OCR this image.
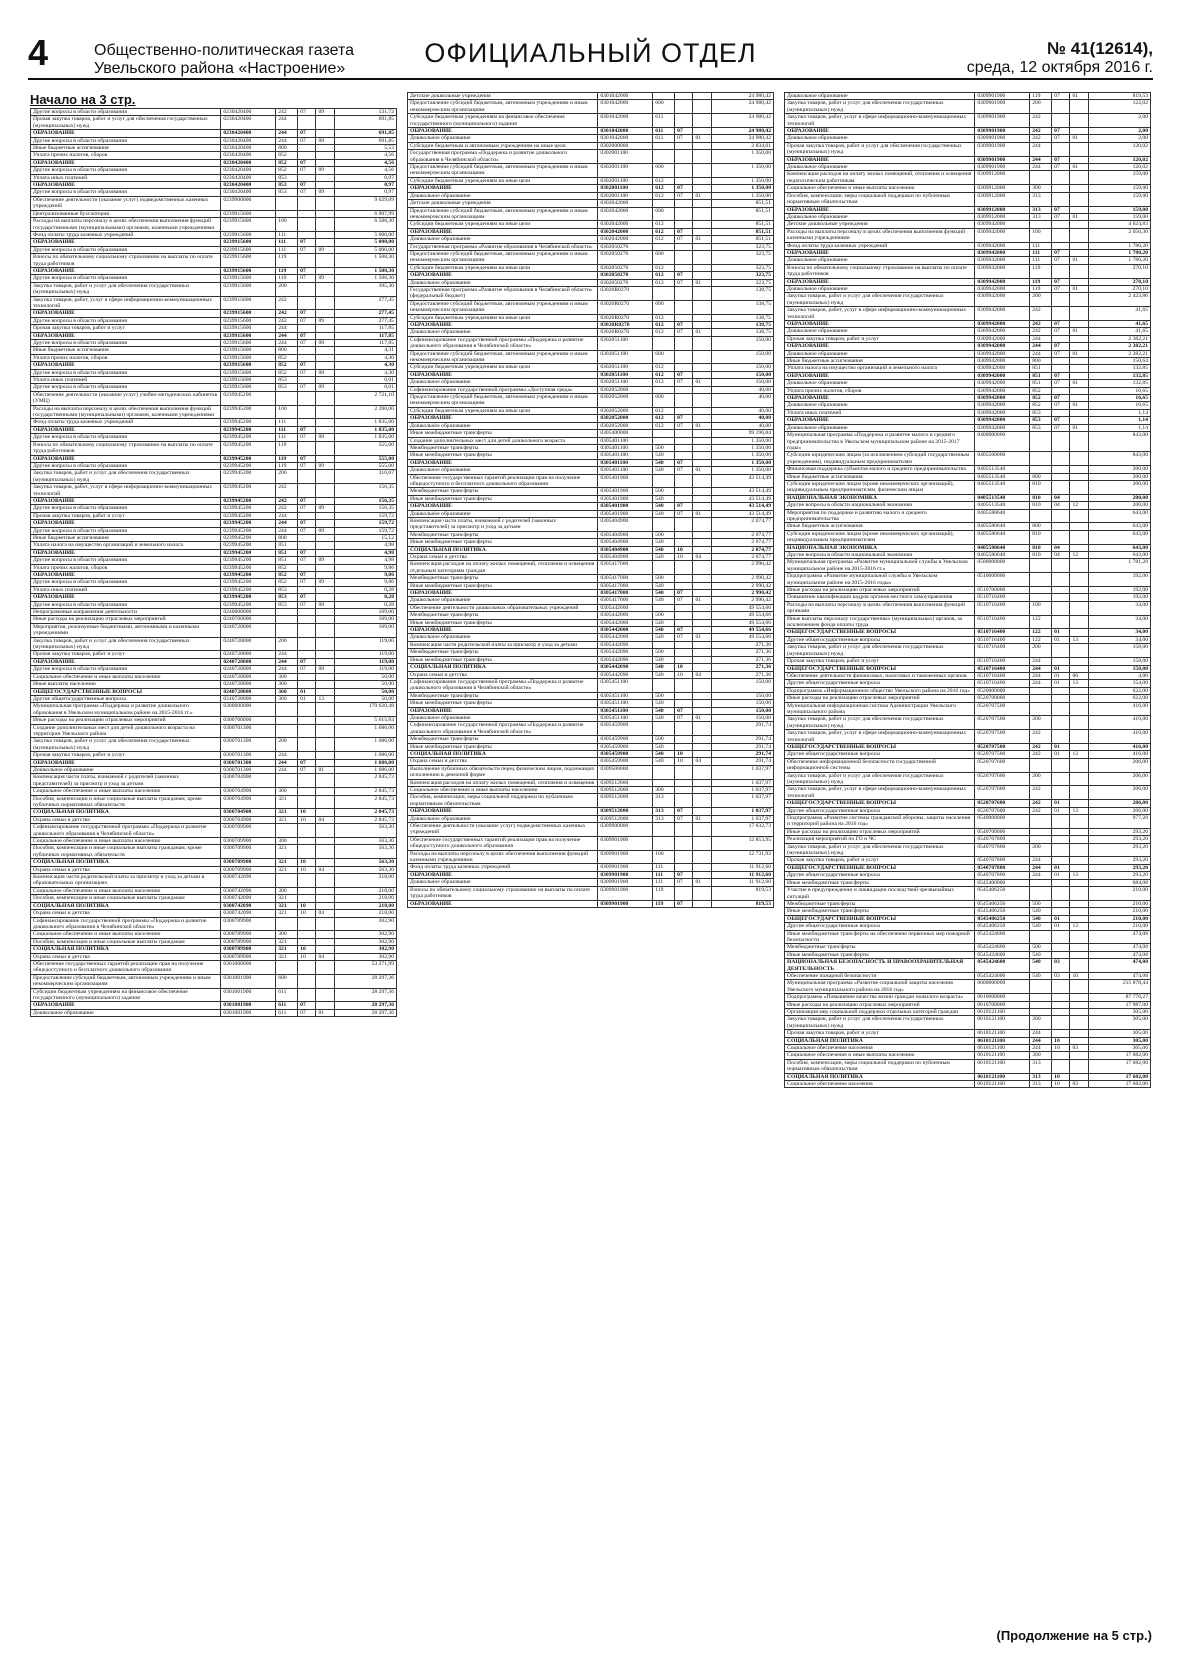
4	Общественно-политическая газета
Увельского района «Настроение»
ОФИЦИАЛЬНЫЙ ОТДЕЛ	№ 41(12614),
среда, 12 октября 2016 г.
Начало на 3 стр.
Другие вопросы в области образования	0230420400	242	07	09	131,72
Прочая закупка товаров, работ и услуг для обеспечения государственных (муниципальных) нужд	0230420400	244			691,85
ОБРАЗОВАНИЕ	0230420400	244	07		691,85
Другие вопросы в области образования	0230420400	244	07	09	691,85
Иные бюджетные ассигнования	0230420400	800			5,53
Уплата прочих налогов, сборов	0230420400	852			4,56
ОБРАЗОВАНИЕ	0230420400	852	07		4,56
Другие вопросы в области образования	0230420400	852	07	09	4,56
Уплата иных платежей	0230420400	853			0,97
ОБРАЗОВАНИЕ	0230420400	853	07		0,97
Другие вопросы в области образования	0230420400	853	07	09	0,97
Обеспечение деятельности (оказание услуг) подведомственных казенных учреждений	0239900000				9 629,09
Централизованные бухгалтерии	0239915600				6 907,99
Расходы на выплаты персоналу в целях обеспечения выполнения функций государственными (муниципальными) органами, казенными учреждениями	0239915600	100			6 508,30
Фонд оплаты труда казенных учреждений	0239915600	111			5 000,00
ОБРАЗОВАНИЕ	0239915600	111	07		5 000,00
Другие вопросы в области образования	0239915600	111	07	09	5 000,00
Взносы по обязательному социальному страхованию на выплаты по оплате труда работников	0239915600	119			1 508,30
ОБРАЗОВАНИЕ	0239915600	119	07		1 508,30
Другие вопросы в области образования	0239915600	119	07	09	1 508,30
Закупка товаров, работ и услуг для обеспечения государственных (муниципальных) нужд	0239915600	200			395,30
Закупка товаров, работ, услуг в сфере информационно-коммуникационных технологий	0239915600	242			277,45
ОБРАЗОВАНИЕ	0239915600	242	07		277,45
Другие вопросы в области образования	0239915600	242	07	09	277,45
Прочая закупка товаров, работ и услуг	0239915600	244			117,85
ОБРАЗОВАНИЕ	0239915600	244	07		117,85
Другие вопросы в области образования	0239915600	244	07	09	117,85
Иные бюджетные ассигнования	0239915600	800			4,31
Уплата прочих налогов, сборов	0239915600	852			4,30
ОБРАЗОВАНИЕ	0239915600	852	07		4,30
Другие вопросы в области образования	0239915600	852	07	09	4,30
Уплата иных платежей	0239915600	853			0,01
Другие вопросы в области образования	0239915600	853	07	09	0,01
Обеспечение деятельности (оказание услуг) учебно-методических кабинетов (УМЦ)	0239945200				2 721,10
Расходы на выплаты персоналу в целях обеспечения выполнения функций государственными (муниципальными) органами, казенными учреждениями	0239945200	100			2 390,00
Фонд оплаты труда казенных учреждений	0239945200	111			1 835,00
ОБРАЗОВАНИЕ	0239945200	111	07		1 835,00
Другие вопросы в области образования	0239945200	111	07	09	1 835,00
Взносы по обязательному социальному страхованию на выплаты по оплате труда работников	0239945200	119			555,00
ОБРАЗОВАНИЕ	0239945200	119	07		555,00
Другие вопросы в области образования	0239945200	119	07	09	555,00
Закупка товаров, работ и услуг для обеспечения государственных (муниципальных) нужд	0239945200	200			316,07
Закупка товаров, работ, услуг в сфере информационно-коммуникационных технологий	0239945200	242			156,35
ОБРАЗОВАНИЕ	0239945200	242	07		156,35
Другие вопросы в области образования	0239945200	242	07	09	156,35
Прочая закупка товаров, работ и услуг	0239945200	244			159,72
ОБРАЗОВАНИЕ	0239945200	244	07		159,72
Другие вопросы в области образования	0239945200	244	07	09	159,72
Иные бюджетные ассигнования	0239945200	800			15,12
Уплата налога на имущество организаций и земельного налога	0239945200	851			4,98
ОБРАЗОВАНИЕ	0239945200	851	07		4,98
Другие вопросы в области образования	0239945200	851	07	09	4,98
Уплата прочих налогов, сборов	0239945200	852			9,86
ОБРАЗОВАНИЕ	0239945200	852	07		9,86
Другие вопросы в области образования	0239945200	852	07	09	9,86
Уплата иных платежей	0239945200	853			0,28
ОБРАЗОВАНИЕ	0239945200	853	07		0,28
Другие вопросы в области образования	0239945200	853	07	09	0,28
Непрограммные направления деятельности	0240000000				169,00
Иные расходы на реализацию отраслевых мероприятий	0240700000				169,00
Мероприятия, реализуемые бюджетными, автономными и казенными учреждениями	0240728000				169,00
Закупка товаров, работ и услуг для обеспечения государственных (муниципальных) нужд	0240728000	200			119,00
Прочая закупка товаров, работ и услуг	0240728000	244			119,00
ОБРАЗОВАНИЕ	0240728000	244	07		119,00
Другие вопросы в области образования	0240728000	244	07	09	119,00
Социальное обеспечение и иные выплаты населению	0240728000	300			50,00
Иные выплаты населению	0240728000	360			50,00
ОБЩЕГОСУДАРСТВЕННЫЕ ВОПРОСЫ	0240728000	360	01		50,00
Другие общегосударственные вопросы	0240728000	360	01	13	50,00
Муниципальная программа «Поддержка и развитие дошкольного образования в Увельском муниципальном районе на 2015-2016 гг.»	0300000000				179 620,48
Иные расходы на реализацию отраслевых мероприятий	0300700000				5 615,93
Создание дополнительных мест для детей дошкольного возраста на территории Увельского района	0300701300				1 686,00
Закупка товаров, работ и услуг для обеспечения государственных (муниципальных) нужд	0300701300	200			1 686,00
Прочая закупка товаров, работ и услуг	0300701300	244			1 686,00
ОБРАЗОВАНИЕ	0300701300	244	07		1 686,00
Дошкольное образование	0300701300	244	07	01	1 686,00
Компенсация части платы, взимаемой с родителей (законных представителей) за присмотр и уход за детьми	0300704900				2 845,73
Социальное обеспечение и иные выплаты населению	0300704900	300			2 845,73
Пособия, компенсации и иные социальные выплаты гражданам, кроме публичных нормативных обязательств	0300704900	321			2 845,73
СОЦИАЛЬНАЯ ПОЛИТИКА	0300704900	321	10		2 845,73
Охрана семьи и детства	0300704900	321	10	04	2 845,73
Софинансирование государственной программы «Поддержка и развитие дошкольного образования в Челябинской области»	0300709900				563,30
Социальное обеспечение и иные выплаты населению	0300709900	300			563,30
Пособия, компенсации и иные социальные выплаты гражданам, кроме публичных нормативных обязательств	0300709900	321			563,30
СОЦИАЛЬНАЯ ПОЛИТИКА	0300709900	321	10		563,30
Охрана семьи и детства	0300709900	321	10	04	563,30
Компенсация части родительской платы за присмотр и уход за детьми в образовательных организациях	0300742090				218,00
Социальное обеспечение и иные выплаты населению	0300742090	300			218,00
Пособия, компенсации и иные социальные выплаты гражданам	0300742090	321			218,00
СОЦИАЛЬНАЯ ПОЛИТИКА	0300742090	321	10		218,00
Охрана семьи и детства	0300742090	321	10	04	218,00
Софинансирование государственной программы «Поддержка и развитие дошкольного образования в Челябинской области»	0300789900				302,90
Социальное обеспечение и иные выплаты населению	0300789900	300			302,90
Пособия, компенсации и иные социальные выплаты гражданам	0300789900	321			302,90
СОЦИАЛЬНАЯ ПОЛИТИКА	0300789900	321	10		302,90
Охрана семьи и детства	0300789900	321	10	04	302,90
Обеспечение государственных гарантий реализации прав на получение общедоступного и бесплатного дошкольного образования	0301000000				53 271,99
Предоставление субсидий бюджетным, автономным учреждениям и иным некоммерческим организациям	0301001900	600			28 297,36
Субсидии бюджетным учреждениям на финансовое обеспечение государственного (муниципального) задания	0301001900	611			28 297,36
ОБРАЗОВАНИЕ	0301001900	611	07		28 297,36
Дошкольное образование	0301001900	611	07	01	28 297,36
Детские дошкольные учреждения	0301042000				24 980,42
Предоставление субсидий бюджетным, автономным учреждениям и иным некоммерческим организациям	0301042000	600			24 980,42
Субсидии бюджетным учреждениям на финансовое обеспечение государственного (муниципального) задания	0301042000	611			24 980,42
ОБРАЗОВАНИЕ	0301042000	611	07		24 980,42
Дошкольное образование	0301042000	611	07	01	24 980,42
Субсидии бюджетным и автономным учреждениям на иные цели	0302000000				2 834,01
Государственная программа «Поддержка и развитие дошкольного образования в Челябинской области»	0302001100				1 350,00
Предоставление субсидий бюджетным, автономным учреждениям и иным некоммерческим организациям	0302001100	600			1 350,00
Субсидии бюджетным учреждениям на иные цели	0302001100	612			1 350,00
ОБРАЗОВАНИЕ	0302001100	612	07		1 350,00
Дошкольное образование	0302001100	612	07	01	1 350,00
Детские дошкольные учреждения	0302042000				851,51
Предоставление субсидий бюджетным, автономным учреждениям и иным некоммерческим организациям	0302042000	600			851,51
Субсидии бюджетным учреждениям на иные цели	0302042000	612			851,51
ОБРАЗОВАНИЕ	0302042000	612	07		851,51
Дошкольное образование	0302042000	612	07	01	851,51
Государственная программа «Развитие образования в Челябинской области»	0302050270				323,75
Предоставление субсидий бюджетным, автономным учреждениям и иным некоммерческим организациям	0302050270	600			323,75
Субсидии бюджетным учреждениям на иные цели	0302050270	612			323,75
ОБРАЗОВАНИЕ	0302050270	612	07		323,75
Дошкольное образование	0302050270	612	07	01	323,75
Государственная программа «Развитие образования в Челябинской области» (федеральный бюджет)	03020R0270				138,75
Предоставление субсидий бюджетным, автономным учреждениям и иным некоммерческим организациям	03020R0270	600			138,75
Субсидии бюджетным учреждениям на иные цели	03020R0270	612			138,75
ОБРАЗОВАНИЕ	03020R0270	612	07		138,75
Дошкольное образование	03020R0270	612	07	01	138,75
Софинансирование государственной программы «Поддержка и развитие дошкольного образования в Челябинской области»	0302051100				150,00
Предоставление субсидий бюджетным, автономным учреждениям и иным некоммерческим организациям	0302051100	600			150,00
Субсидии бюджетным учреждениям на иные цели	0302051100	612			150,00
ОБРАЗОВАНИЕ	0302051100	612	07		150,00
Дошкольное образование	0302051100	612	07	01	150,00
Софинансирование государственной программы «Доступная среда»	0302052000				40,00
Предоставление субсидий бюджетным, автономным учреждениям и иным некоммерческим организациям	0302052000	600			40,00
Субсидии бюджетным учреждениям на иные цели	0302052000	612			40,00
ОБРАЗОВАНИЕ	0302052000	612	07		40,00
Дошкольное образование	0302052000	612	07	01	40,00
Иные межбюджетные трансферты	0305400000				99 196,84
Создание дополнительных мест для детей дошкольного возраста	0305401100				1 350,00
Межбюджетные трансферты	0305401100	500			1 350,00
Иные межбюджетные трансферты	0305401100	540			1 350,00
ОБРАЗОВАНИЕ	0305401100	540	07		1 350,00
Дошкольное образование	0305401100	540	07	01	1 350,00
Обеспечение государственных гарантий реализации прав на получение общедоступного и бесплатного дошкольного образования	0305401900				43 514,49
Межбюджетные трансферты	0305401900	500			43 514,49
Иные межбюджетные трансферты	0305401900	540			43 514,49
ОБРАЗОВАНИЕ	0305401900	540	07		43 514,49
Дошкольное образование	0305401900	540	07	01	43 514,49
Компенсация части платы, взимаемой с родителей (законных представителей) за присмотр и уход за детьми	0305404900				2 074,77
Межбюджетные трансферты	0305404900	500			2 074,77
Иные межбюджетные трансферты	0305404900	540			2 074,77
СОЦИАЛЬНАЯ ПОЛИТИКА	0305404900	540	10		2 074,77
Охрана семьи и детства	0305404900	540	10	04	2 074,77
Компенсация расходов на оплату жилых помещений, отопления и освещения отдельным категориям граждан	0305417000				2 990,42
Межбюджетные трансферты	0305417000	500			2 990,42
Иные межбюджетные трансферты	0305417000	540			2 990,42
ОБРАЗОВАНИЕ	0305417000	540	07		2 990,42
Дошкольное образование	0305417000	540	07	01	2 990,42
Обеспечение деятельности дошкольных образовательных учреждений	0305442000				49 554,66
Межбюджетные трансферты	0305442000	500			49 554,66
Иные межбюджетные трансферты	0305442000	540			49 554,66
ОБРАЗОВАНИЕ	0305442000	540	07		49 554,66
Дошкольное образование	0305442000	540	07	01	49 554,66
Компенсация части родительской платы за присмотр и уход за детьми	0305442090				271,36
Межбюджетные трансферты	0305442090	500			271,36
Иные межбюджетные трансферты	0305442090	540			271,36
СОЦИАЛЬНАЯ ПОЛИТИКА	0305442090	540	10		271,36
Охрана семьи и детства	0305442090	540	10	04	271,36
Софинансирование государственной программы «Поддержка и развитие дошкольного образования в Челябинской области»	0305451100				150,00
Межбюджетные трансферты	0305451100	500			150,00
Иные межбюджетные трансферты	0305451100	540			150,00
ОБРАЗОВАНИЕ	0305451100	540	07		150,00
Дошкольное образование	0305451100	540	07	01	150,00
Софинансирование государственной программы «Поддержка и развитие дошкольного образования в Челябинской области»	0305459900				291,74
Межбюджетные трансферты	0305459900	500			291,74
Иные межбюджетные трансферты	0305459900	540			291,74
СОЦИАЛЬНАЯ ПОЛИТИКА	0305459900	540	10		291,74
Охрана семьи и детства	0305459900	540	10	04	291,74
Выполнение публичных обязательств перед физическим лицом, подлежащих исполнению в денежной форме	0309500000				1 037,97
Компенсация расходов на оплату жилых помещений, отопления и освещения	0309512000				1 037,97
Социальное обеспечение и иные выплаты населению	0309512000	300			1 037,97
Пособия, компенсации, меры социальной поддержки по публичным нормативным обязательствам	0309512000	313			1 037,97
ОБРАЗОВАНИЕ	0309512000	313	07		1 037,97
Дошкольное образование	0309512000	313	07	01	1 037,97
Обеспечение деятельности (оказание услуг) подведомственных казенных учреждений	0309900000				17 632,73
Обеспечение государственных гарантий реализации прав на получение общедоступного дошкольного образования	0309901900				12 853,95
Расходы на выплаты персоналу в целях обеспечения выполнения функций казенными учреждениями	0309901900	100			12 731,93
Фонд оплаты труда казенных учреждений	0309901900	111			11 912,60
ОБРАЗОВАНИЕ	0309901900	111	07		11 912,60
Дошкольное образование	0309901900	111	07	01	11 912,60
Взносы по обязательному социальному страхованию на выплаты по оплате труда работников	0309901900	119			819,53
ОБРАЗОВАНИЕ	0309901900	119	07		819,53
Дошкольное образование	0309901900	119	07	01	819,53
Закупка товаров, работ и услуг для обеспечения государственных (муниципальных) нужд	0309901900	200			122,02
Закупка товаров, работ, услуг в сфере информационно-коммуникационных технологий	0309901900	242			2,00
ОБРАЗОВАНИЕ	0309901900	242	07		2,00
Дошкольное образование	0309901900	242	07	01	2,00
Прочая закупка товаров, работ и услуг для обеспечения государственных (муниципальных) нужд	0309901900	244			120,02
ОБРАЗОВАНИЕ	0309901900	244	07		120,02
Дошкольное образование	0309901900	244	07	01	120,02
Компенсация расходов на оплату жилых помещений, отопления и освещения педагогическим работникам	0309912000				159,00
Социальное обеспечение и иные выплаты населению	0309912000	300			159,00
Пособия, компенсации, меры социальной поддержки по публичным нормативным обязательствам	0309912000	313			159,00
ОБРАЗОВАНИЕ	0309912000	313	07		159,00
Дошкольное образование	0309912000	313	07	01	159,00
Детские дошкольные учреждения	0309942000				4 624,83
Расходы на выплаты персоналу в целях обеспечения выполнения функций казенными учреждениями	0309942000	100			2 050,30
Фонд оплаты труда казенных учреждений	0309942000	111			1 780,20
ОБРАЗОВАНИЕ	0309942000	111	07		1 780,20
Дошкольное образование	0309942000	111	07	01	1 780,20
Взносы по обязательному социальному страхованию на выплаты по оплате труда работников	0309942000	119			270,10
ОБРАЗОВАНИЕ	0309942000	119	07		270,10
Дошкольное образование	0309942000	119	07	01	270,10
Закупка товаров, работ и услуг для обеспечения государственных (муниципальных) нужд	0309942000	200			2 423,86
Закупка товаров, работ, услуг в сфере информационно-коммуникационных технологий	0309942000	242			41,65
ОБРАЗОВАНИЕ	0309942000	242	07		41,65
Дошкольное образование	0309942000	242	07	01	41,65
Прочая закупка товаров, работ и услуг	0309942000	244			2 382,21
ОБРАЗОВАНИЕ	0309942000	244	07		2 382,21
Дошкольное образование	0309942000	244	07	01	2 382,21
Иные бюджетные ассигнования	0309942000	800			150,64
Уплата налога на имущество организаций и земельного налога	0309942000	851			132,85
ОБРАЗОВАНИЕ	0309942000	851	07		132,85
Дошкольное образование	0309942000	851	07	01	132,85
Уплата прочих налогов, сборов	0309942000	852			16,65
ОБРАЗОВАНИЕ	0309942000	852	07		16,65
Дошкольное образование	0309942000	852	07	01	16,65
Уплата иных платежей	0309942000	853			1,14
ОБРАЗОВАНИЕ	0309942000	853	07		1,14
Дошкольное образование	0309942000	853	07	01	1,14
Муниципальная программа «Поддержка и развитие малого и среднего предпринимательства в Увельском муниципальном районе на 2015-2017 годы»	0400000000				843,00
Субсидии юридическим лицам (за исключением субсидий государственным учреждениям), индивидуальным предпринимателям	0405500000				843,00
Финансовая поддержка субъектов малого и среднего предпринимательства	0405513540				200,00
Иные бюджетные ассигнования	0405513540	800			200,00
Субсидии юридическим лицам (кроме некоммерческих организаций), индивидуальным предпринимателям, физическим лицам	0405513540	810			200,00
НАЦИОНАЛЬНАЯ ЭКОНОМИКА	0405513540	810	04		200,00
Другие вопросы в области национальной экономики	0405513540	810	04	12	200,00
Мероприятия по поддержке и развитию малого и среднего предпринимательства	0405580640				643,00
Иные бюджетные ассигнования	0405580640	800			643,00
Субсидии юридическим лицам (кроме некоммерческих организаций), индивидуальным предпринимателям	0405580640	810			643,00
НАЦИОНАЛЬНАЯ ЭКОНОМИКА	0405580640	810	04		643,00
Другие вопросы в области национальной экономики	0405580640	810	04	12	643,00
Муниципальная программа «Развитие муниципальной службы в Увельском муниципальном районе на 2015-2016 гг.»	0500000000				1 781,28
Подпрограмма «Развитие муниципальной службы в Увельском муниципальном районе на 2015-2016 годы»	0510000000				192,00
Иные расходы на реализацию отраслевых мероприятий	0510700000				192,00
Повышение квалификации кадров органов местного самоуправления	0510716400				192,00
Расходы на выплаты персоналу в целях обеспечения выполнения функций органами	0510716400	100			34,00
Иные выплаты персоналу государственных (муниципальных) органов, за исключением фонда оплаты труда	0510716400	122			34,00
ОБЩЕГОСУДАРСТВЕННЫЕ ВОПРОСЫ	0510716400	122	01		34,00
Другие общегосударственные вопросы	0510716400	122	01	13	34,00
Закупка товаров, работ и услуг для обеспечения государственных (муниципальных) нужд	0510716400	200			158,00
Прочая закупка товаров, работ и услуг	0510716400	244			158,00
ОБЩЕГОСУДАРСТВЕННЫЕ ВОПРОСЫ	0510716400	244	01		158,00
Обеспечение деятельности финансовых, налоговых и таможенных органов	0510716400	244	01	06	4,00
Другие общегосударственные вопросы	0510716400	244	01	13	154,00
Подпрограмма «Информационное общество Увельского района на 2016 год»	0520000000				622,00
Иные расходы на реализацию отраслевых мероприятий	0520700000				622,00
Муниципальная информационная система Администрации Увельского муниципального района	0520707500				416,00
Закупка товаров, работ и услуг для обеспечения государственных (муниципальных) нужд	0520707500	200			416,00
Закупка товаров, работ, услуг в сфере информационно-коммуникационных технологий	0520707500	242			416,00
ОБЩЕГОСУДАРСТВЕННЫЕ ВОПРОСЫ	0520707500	242	01		416,00
Другие общегосударственные вопросы	0520707500	242	01	13	416,00
Обеспечение информационной безопасности государственной информационной системы	0520707600				206,00
Закупка товаров, работ и услуг для обеспечения государственных (муниципальных) нужд	0520707600	200			206,00
Закупка товаров, работ, услуг в сфере информационно-коммуникационных технологий	0520707600	242			206,00
ОБЩЕГОСУДАРСТВЕННЫЕ ВОПРОСЫ	0520707600	242	01		206,00
Другие общегосударственные вопросы	0520707600	242	01	13	206,00
Подпрограмма «Развитие системы гражданской обороны, защиты населения и территорий района на 2016 год»	0540000000				977,28
Иные расходы на реализацию отраслевых мероприятий	0540700000				293,20
Реализация мероприятий по ГО и ЧС	0540707800				293,20
Закупка товаров, работ и услуг для обеспечения государственных (муниципальных) нужд	0540707800	200			293,20
Прочая закупка товаров, работ и услуг	0540707800	244			293,20
ОБЩЕГОСУДАРСТВЕННЫЕ ВОПРОСЫ	0540707800	244	01		293,20
Другие общегосударственные вопросы	0540707800	244	01	13	293,20
Иные межбюджетные трансферты	0545400000				684,08
Участие в предупреждении и ликвидации последствий чрезвычайных ситуаций	0545406250				210,00
Межбюджетные трансферты	0545406250	500			210,00
Иные межбюджетные трансферты	0545406250	540			210,00
ОБЩЕГОСУДАРСТВЕННЫЕ ВОПРОСЫ	0545406250	540	01		210,00
Другие общегосударственные вопросы	0545406250	540	01	13	210,00
Иные межбюджетные трансферты на обеспечение первичных мер пожарной безопасности	0545424600				474,08
Межбюджетные трансферты	0545424600	500			474,08
Иные межбюджетные трансферты	0545424600	540			474,08
НАЦИОНАЛЬНАЯ БЕЗОПАСНОСТЬ И ПРАВООХРАНИТЕЛЬНАЯ ДЕЯТЕЛЬНОСТЬ	0545424600	540	03		474,08
Обеспечение пожарной безопасности	0545424600	540	03	10	474,08
Муниципальная программа «Развитие социальной защиты населения Увельского муниципального района на 2016 год»	0600000000				215 878,44
Подпрограмма «Повышение качества жизни граждан пожилого возраста»	0610000000				87 776,27
Иные расходы на реализацию отраслевых мероприятий	0610700000				17 987,00
Организация мер социальной поддержки отдельных категорий граждан	0610121100				305,00
Закупка товаров, работ и услуг для обеспечения государственных (муниципальных) нужд	0610121100	200			305,00
Прочая закупка товаров, работ и услуг	0610121100	244			305,00
СОЦИАЛЬНАЯ ПОЛИТИКА	0610121100	244	10		305,00
Социальное обеспечение населения	0610121100	244	10	03	305,00
Социальное обеспечение и иные выплаты населению	0610121100	300			17 682,00
Пособия, компенсации, меры социальной поддержки по публичным нормативным обязательствам	0610121100	313			17 682,00
СОЦИАЛЬНАЯ ПОЛИТИКА	0610121100	313	10		17 682,00
Социальное обеспечение населения	0610121100	313	10	03	17 682,00
(Продолжение на 5 стр.)
